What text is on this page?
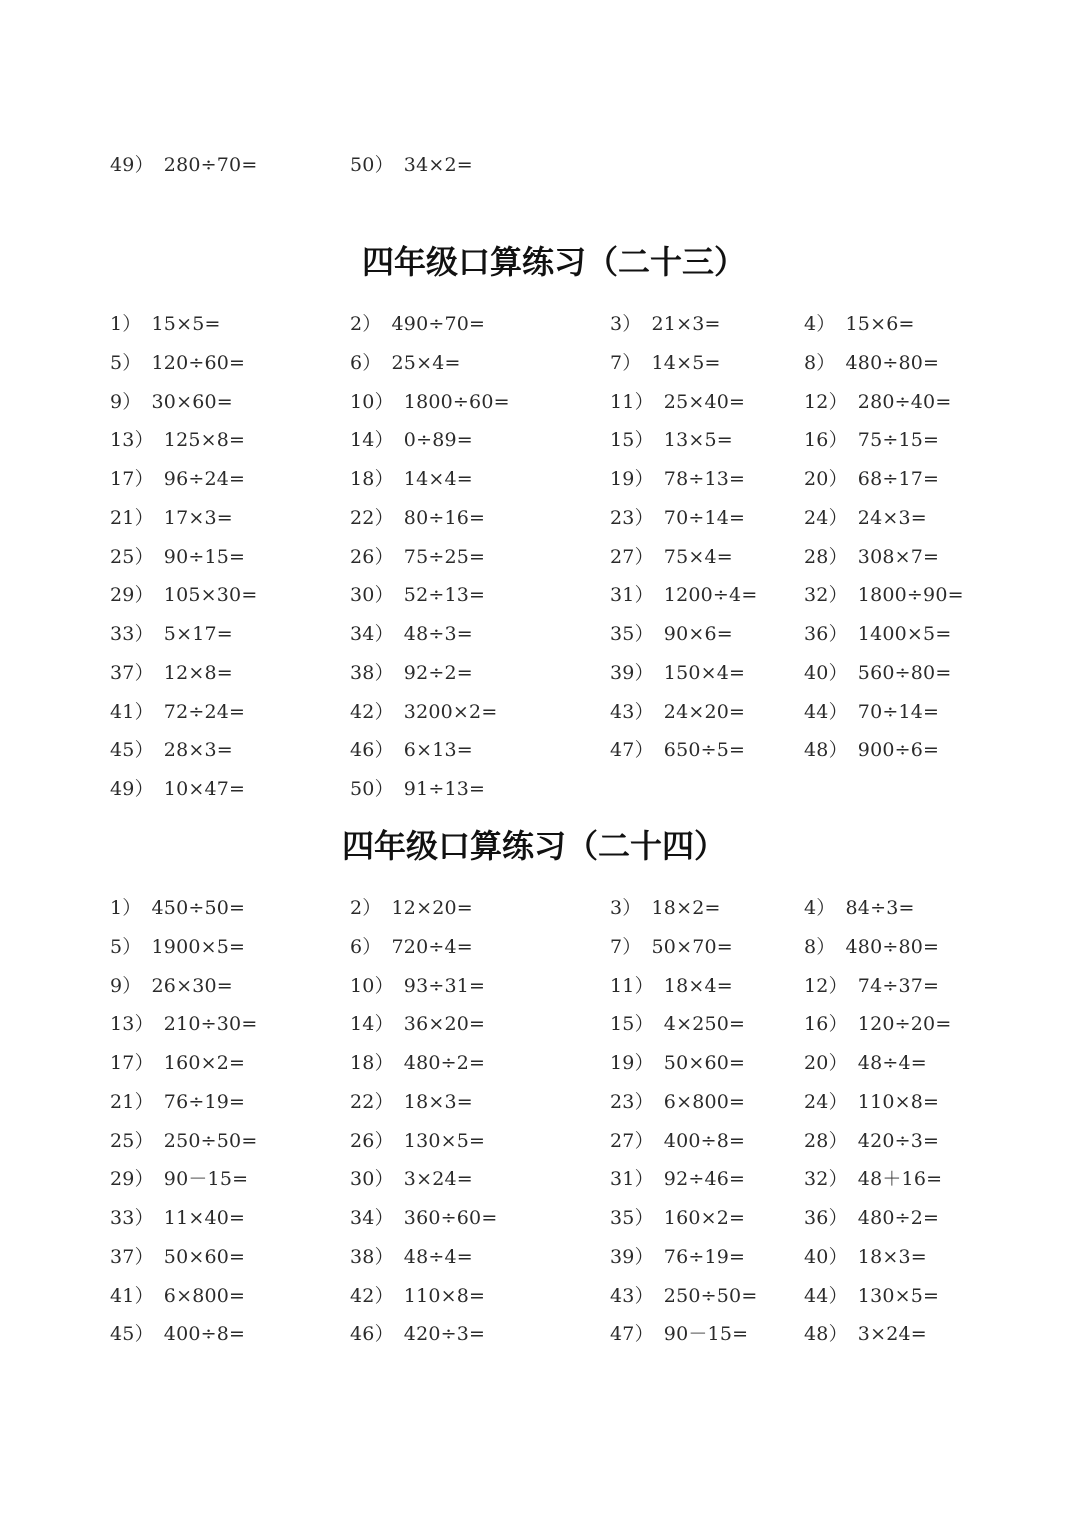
49） 280÷70=	50） 34×2=
四年级口算练习（二十三）
1） 15×5=	2） 490÷70=	3） 21×3=	4） 15×6=
5） 120÷60=	6） 25×4=	7） 14×5=	8） 480÷80=
9） 30×60=	10） 1800÷60=	11） 25×40=	12） 280÷40=
13） 125×8=	14） 0÷89=	15） 13×5=	16） 75÷15=
17） 96÷24=	18） 14×4=	19） 78÷13=	20） 68÷17=
21） 17×3=	22） 80÷16=	23） 70÷14=	24） 24×3=
25） 90÷15=	26） 75÷25=	27） 75×4=	28） 308×7=
29） 105×30=	30） 52÷13=	31） 1200÷4= 32） 1800÷90=
33） 5×17=	34） 48÷3=	35） 90×6=	36） 1400×5=
37） 12×8=	38） 92÷2=	39） 150×4=	40） 560÷80=
41） 72÷24=	42） 3200×2=	43） 24×20=	44） 70÷14=
45） 28×3=	46） 6×13=	47） 650÷5=	48） 900÷6=
49） 10×47=	50） 91÷13=
四年级口算练习（二十四）
1） 450÷50=	2） 12×20=	3） 18×2=	4） 84÷3=
5） 1900×5=	6） 720÷4=	7） 50×70=	8） 480÷80=
9） 26×30=	10） 93÷31=	11） 18×4=	12） 74÷37=
13） 210÷30=	14） 36×20=	15） 4×250=	16） 120÷20=
17） 160×2=	18） 480÷2=	19） 50×60=	20） 48÷4=
21） 76÷19=	22） 18×3=	23） 6×800=	24） 110×8=
25） 250÷50=	26） 130×5=	27） 400÷8=	28） 420÷3=
29） 90－15=	30） 3×24=	31） 92÷46=	32） 48＋16=
33） 11×40=	34） 360÷60=	35） 160×2=	36） 480÷2=
37） 50×60=	38） 48÷4=	39） 76÷19=	40） 18×3=
41） 6×800=	42） 110×8=	43） 250÷50= 44） 130×5=
45） 400÷8=	46） 420÷3=	47） 90－15=	48） 3×24=
